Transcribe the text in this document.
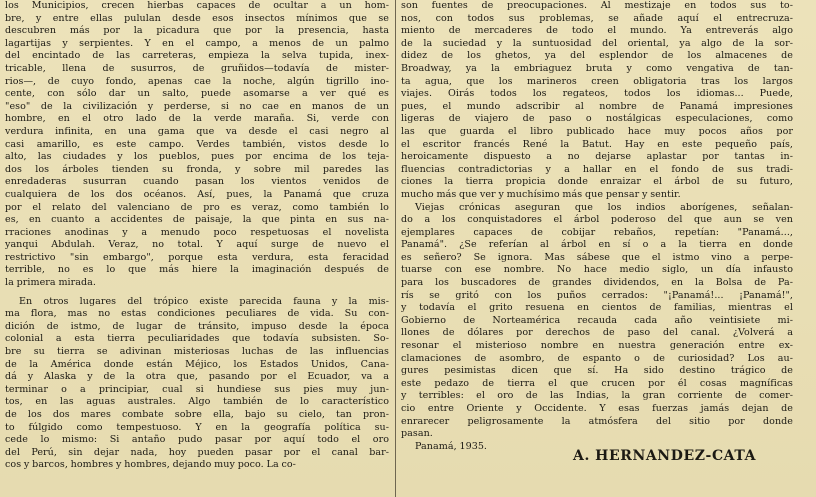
los Municipios, crecen hierbas capaces de ocultar a un hom-
bre, y entre ellas pululan desde esos insectos mínimos que se
descubren más por la picadura que por la presencia, hasta
lagartijas y serpientes. Y en el campo, a menos de un palmo
del encintado de las carreteras, empieza la selva tupida, inex-
tricable, llena de susurros, de gruñidos—todavía de mister-
rios—, de cuyo fondo, apenas cae la noche, algún tigrillo ino-
cente, con sólo dar un salto, puede asomarse a ver qué es
"eso" de la civilización y perderse, si no cae en manos de un
hombre, en el otro lado de la verde maraña. Si, verde con
verdura infinita, en una gama que va desde el casi negro al
casi amarillo, es este campo. Verdes también, vistos desde lo
alto, las ciudades y los pueblos, pues por encima de los teja-
dos los árboles tienden su fronda, y sobre mil paredes las
enredaderas susurran cuando pasan los vientos venidos de
cualquiera de los dos océanos. Así, pues, la Panamá que cruza
por el relato del valenciano de pro es veraz, como también lo
es, en cuanto a accidentes de paisaje, la que pinta en sus na-
rraciones anodinas y a menudo poco respetuosas el novelista
yanqui Abdulah. Veraz, no total. Y aquí surge de nuevo el
restrictivo "sin embargo", porque esta verdura, esta feracidad
terrible, no es lo que más hiere la imaginación después de
la primera mirada.

En otros lugares del trópico existe parecida fauna y la mis-
ma flora, mas no estas condiciones peculiares de vida. Su con-
dición de istmo, de lugar de tránsito, impuso desde la época
colonial a esta tierra peculiaridades que todavía subsisten. So-
bre su tierra se adivinan misteriosas luchas de las influencias
de la América donde están Méjico, los Estados Unidos, Cana-
dá y Alaska y de la otra que, pasando por el Ecuador, va a
terminar o a principiar, cual si hundiese sus pies muy jun-
tos, en las aguas australes. Algo también de lo característico
de los dos mares combate sobre ella, bajo su cielo, tan pron-
to fúlgido como tempestuoso. Y en la geografía política su-
cede lo mismo: Si antaño pudo pasar por aquí todo el oro
del Perú, sin dejar nada, hoy pueden pasar por el canal bar-
cos y barcos, hombres y hombres, dejando muy poco. La co-

son fuentes de preocupaciones. Al mestizaje en todos sus to-
nos, con todos sus problemas, se añade aquí el entrecruza-
miento de mercaderes de todo el mundo. Ya entreverás algo
de la suciedad y la suntuosidad del oriental, ya algo de la sor-
didez de los ghetos, ya del esplendor de los almacenes de
Broadway, ya la embriaguez bruta y como vengativa de tan-
ta agua, que los marineros creen obligatoria tras los largos
viajes. Oirás todos los regateos, todos los idiomas... Puede,
pues, el mundo adscribir al nombre de Panamá impresiones
ligeras de viajero de paso o nostálgicas especulaciones, como
las que guarda el libro publicado hace muy pocos años por
el escritor francés René la Batut. Hay en este pequeño país,
heroicamente dispuesto a no dejarse aplastar por tantas in-
fluencias contradictorias y a hallar en el fondo de sus tradi-
ciones la tierra propicia donde enraizar el árbol de su futuro,
mucho más que ver y muchísimo más que pensar y sentir.

Viejas crónicas aseguran que los indios aborígenes, señalan-
do a los conquistadores el árbol poderoso del que aun se ven
ejemplares capaces de cobijar rebaños, repetían: "Panamá...,
Panamá". ¿Se referían al árbol en sí o a la tierra en donde
es señero? Se ignora. Mas sábese que el istmo vino a perpe-
tuarse con ese nombre. No hace medio siglo, un día infausto
para los buscadores de grandes dividendos, en la Bolsa de Pa-
rís se gritó con los puños cerrados: "¡Panamá!... ¡Panamá!",
y todavía el grito resuena en cientos de familias, mientras el
Gobierno de Norteamérica recauda cada año veintisiete mi-
llones de dólares por derechos de paso del canal. ¿Volverá a
resonar el misterioso nombre en nuestra generación entre ex-
clamaciones de asombro, de espanto o de curiosidad? Los au-
gures pesimistas dicen que sí. Ha sido destino trágico de
este pedazo de tierra el que crucen por él cosas magníficas
y terribles: el oro de las Indias, la gran corriente de comer-
cio entre Oriente y Occidente. Y esas fuerzas jamás dejan de
enrarecer peligrosamente la atmósfera del sitio por donde
pasan.

Panamá, 1935.
A. HERNANDEZ-CATA
